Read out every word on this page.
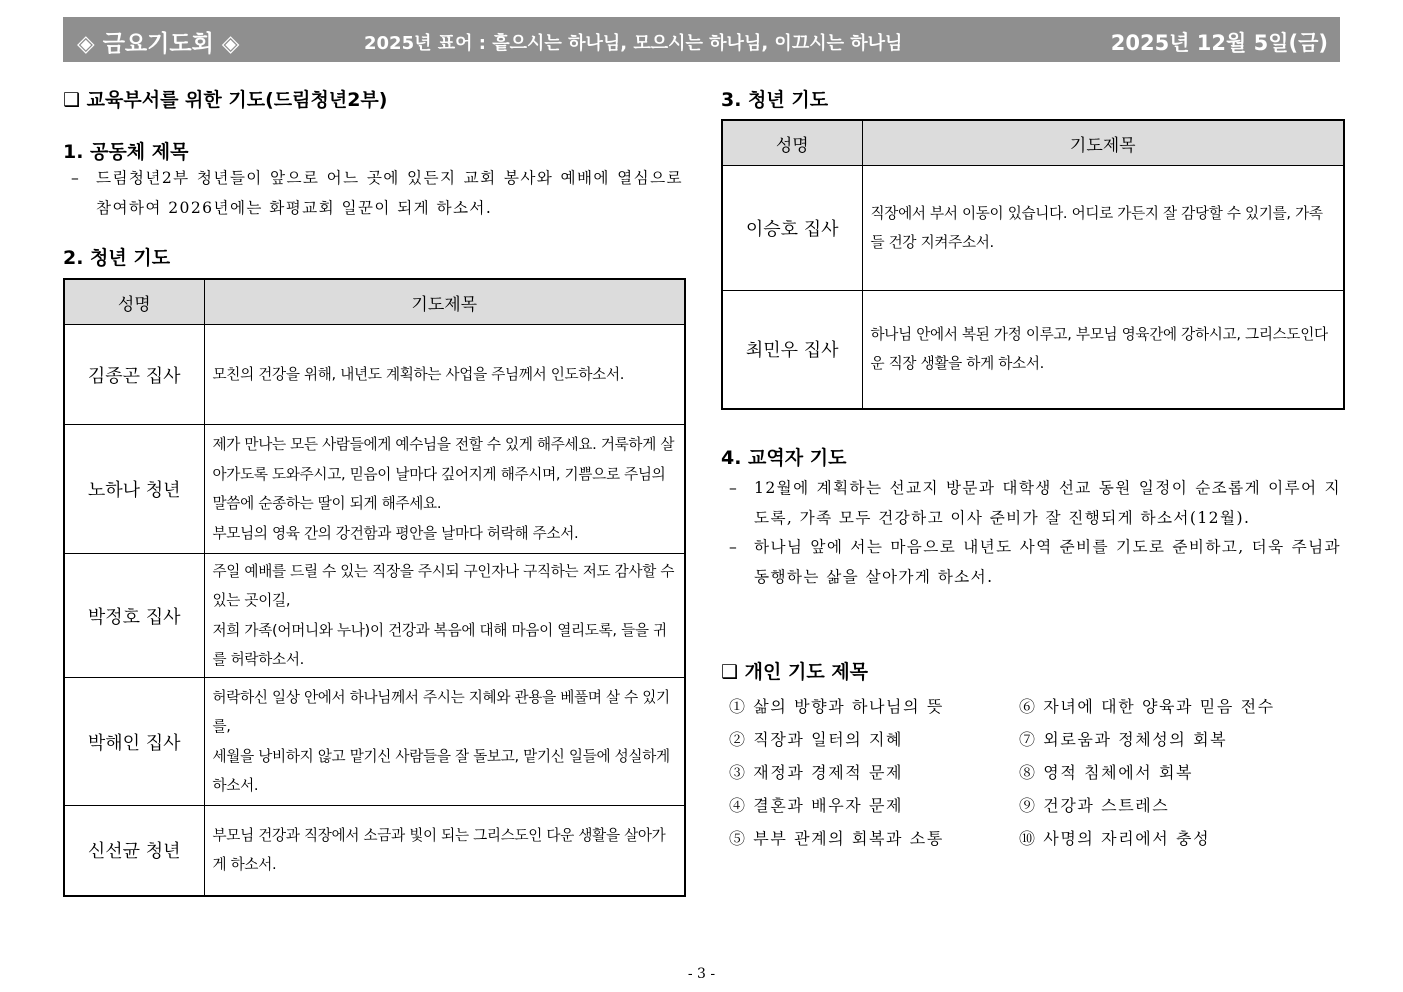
◈ 금요기도회 ◈	2025년 표어 : 흩으시는 하나님, 모으시는 하나님, 이끄시는 하나님	2025년 12월 5일(금)
❑ 교육부서를 위한 기도(드림청년2부)
1. 공동체 제목
– 드림청년2부 청년들이 앞으로 어느 곳에 있든지 교회 봉사와 예배에 열심으로 참여하여 2026년에는 화평교회 일꾼이 되게 하소서.
2. 청년 기도
성명	기도제목
김종곤 집사	모친의 건강을 위해, 내년도 계획하는 사업을 주님께서 인도하소서.

노하나 청년	제가 만나는 모든 사람들에게 예수님을 전할 수 있게 해주세요. 거룩하게 살아가도록 도와주시고, 믿음이 날마다 깊어지게 해주시며, 기쁨으로 주님의 말씀에 순종하는 딸이 되게 해주세요.
부모님의 영육 간의 강건함과 평안을 날마다 허락해 주소서.

박정호 집사	주일 예배를 드릴 수 있는 직장을 주시되 구인자나 구직하는 저도 감사할 수 있는 곳이길,
저희 가족(어머니와 누나)이 건강과 복음에 대해 마음이 열리도록, 들을 귀를 허락하소서.

박해인 집사	허락하신 일상 안에서 하나님께서 주시는 지혜와 관용을 베풀며 살 수 있기를,
세월을 낭비하지 않고 맡기신 사람들을 잘 돌보고, 맡기신 일들에 성실하게 하소서.

신선균 청년	부모님 건강과 직장에서 소금과 빛이 되는 그리스도인 다운 생활을 살아가게 하소서.
3. 청년 기도
성명	기도제목
이승호 집사	직장에서 부서 이동이 있습니다. 어디로 가든지 잘 감당할 수 있기를, 가족들 건강 지켜주소서.

최민우 집사	하나님 안에서 복된 가정 이루고, 부모님 영육간에 강하시고, 그리스도인다운 직장 생활을 하게 하소서.
4. 교역자 기도
– 12월에 계획하는 선교지 방문과 대학생 선교 동원 일정이 순조롭게 이루어 지도록, 가족 모두 건강하고 이사 준비가 잘 진행되게 하소서(12월).
– 하나님 앞에 서는 마음으로 내년도 사역 준비를 기도로 준비하고, 더욱 주님과 동행하는 삶을 살아가게 하소서.
❑ 개인 기도 제목
① 삶의 방향과 하나님의 뜻
② 직장과 일터의 지혜
③ 재정과 경제적 문제
④ 결혼과 배우자 문제
⑤ 부부 관계의 회복과 소통
⑥ 자녀에 대한 양육과 믿음 전수
⑦ 외로움과 정체성의 회복
⑧ 영적 침체에서 회복
⑨ 건강과 스트레스
⑩ 사명의 자리에서 충성
- 3 -
